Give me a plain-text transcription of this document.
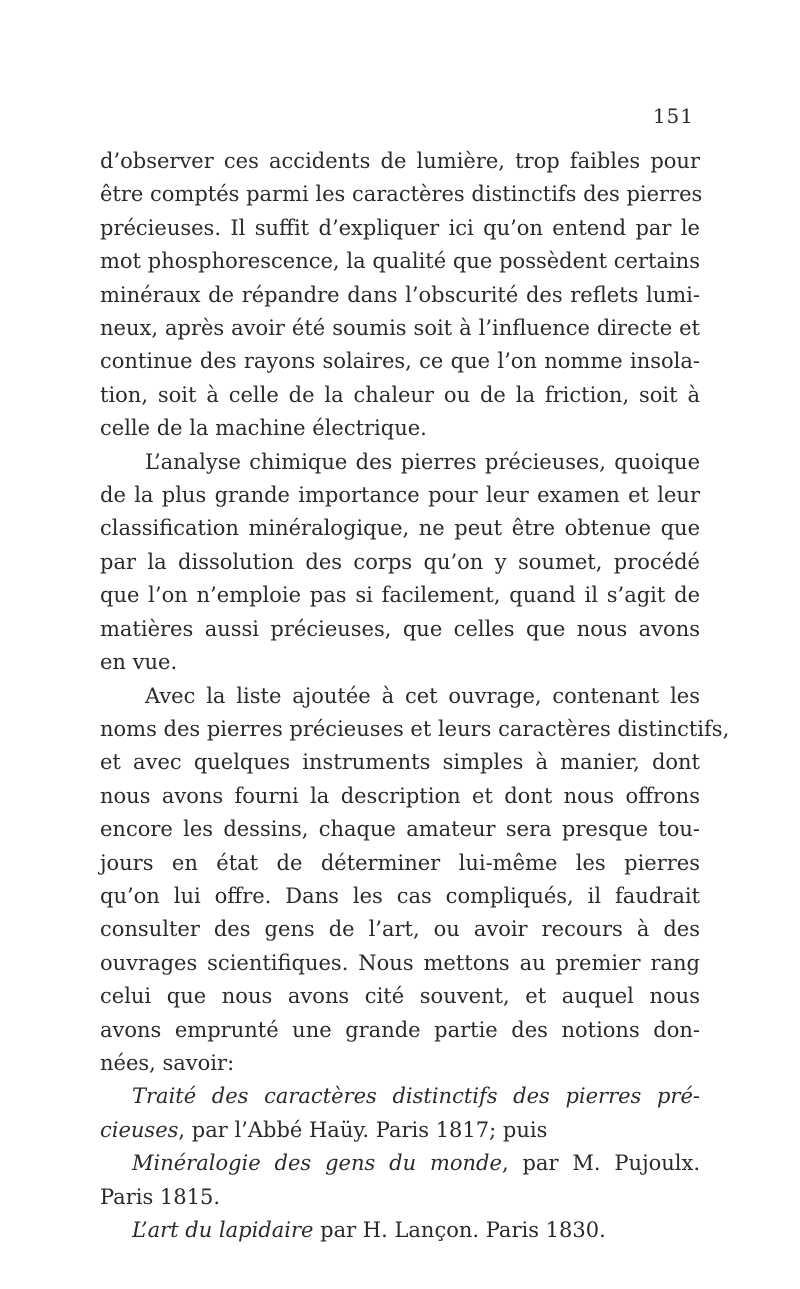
151
d’observer ces accidents de lumière, trop faibles pour
être comptés parmi les caractères distinctifs des pierres
précieuses. Il suffit d’expliquer ici qu’on entend par le
mot phosphorescence, la qualité que possèdent certains
minéraux de répandre dans l’obscurité des reflets lumi-
neux, après avoir été soumis soit à l’influence directe et
continue des rayons solaires, ce que l’on nomme insola-
tion, soit à celle de la chaleur ou de la friction, soit à
celle de la machine électrique.
L’analyse chimique des pierres précieuses, quoique
de la plus grande importance pour leur examen et leur
classification minéralogique, ne peut être obtenue que
par la dissolution des corps qu’on y soumet, procédé
que l’on n’emploie pas si facilement, quand il s’agit de
matières aussi précieuses, que celles que nous avons
en vue.
Avec la liste ajoutée à cet ouvrage, contenant les
noms des pierres précieuses et leurs caractères distinctifs,
et avec quelques instruments simples à manier, dont
nous avons fourni la description et dont nous offrons
encore les dessins, chaque amateur sera presque tou-
jours en état de déterminer lui-même les pierres
qu’on lui offre. Dans les cas compliqués, il faudrait
consulter des gens de l’art, ou avoir recours à des
ouvrages scientifiques. Nous mettons au premier rang
celui que nous avons cité souvent, et auquel nous
avons emprunté une grande partie des notions don-
nées, savoir:
Traité des caractères distinctifs des pierres pré-
cieuses, par l’Abbé Haüy. Paris 1817; puis
Minéralogie des gens du monde, par M. Pujoulx.
Paris 1815.
L’art du lapidaire par H. Lançon. Paris 1830.
